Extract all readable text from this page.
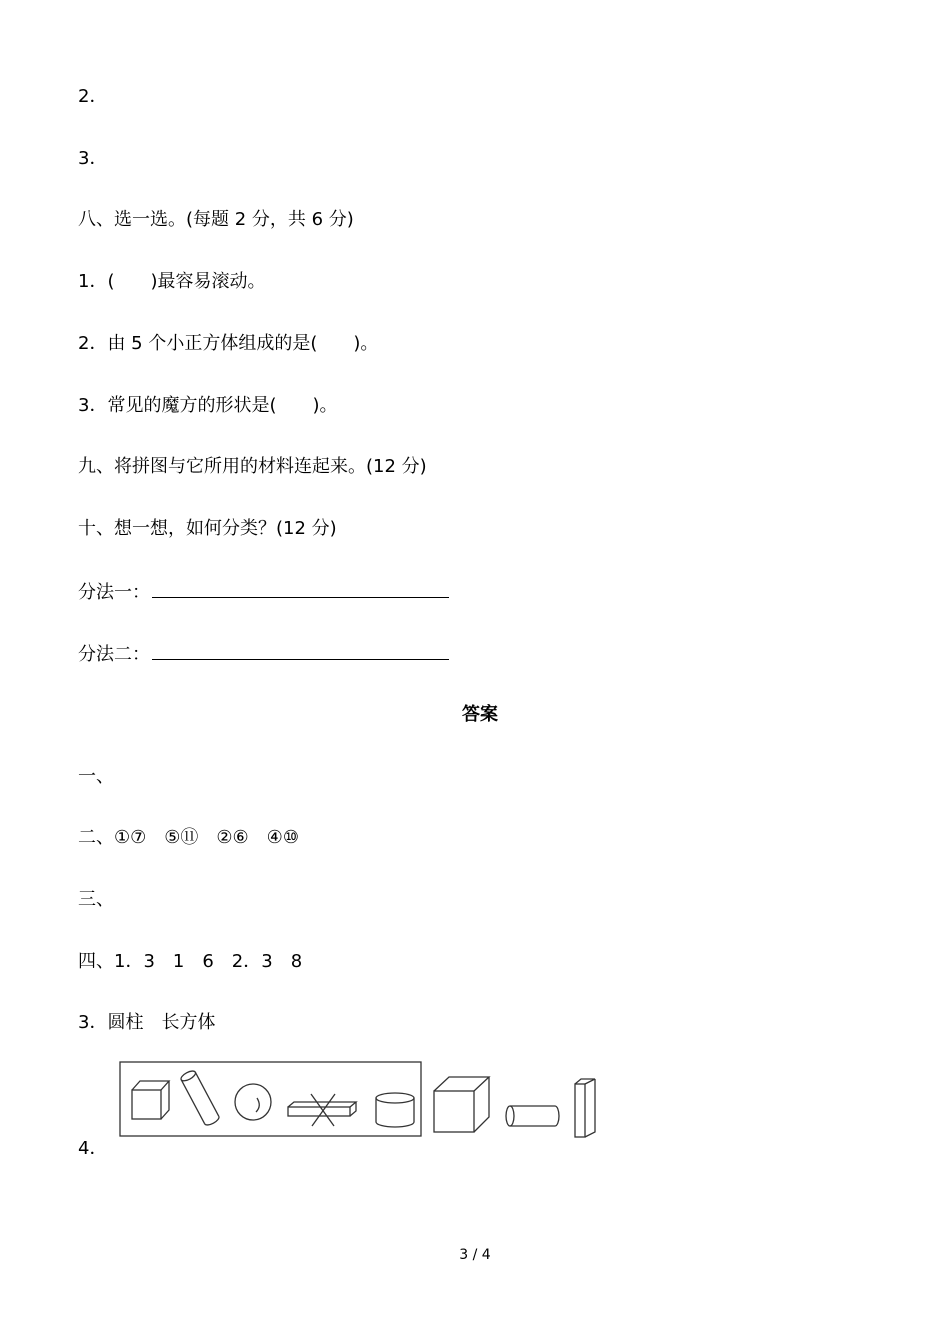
2．
3．
八、选一选。(每题 2 分，共 6 分)
1．(　　)最容易滚动。
2．由 5 个小正方体组成的是(　　)。
3．常见的魔方的形状是(　　)。
九、将拼图与它所用的材料连起来。(12 分)
十、想一想，如何分类？(12 分)
分法一：
分法二：
答案
一、
二、①⑦　⑤⑪　②⑥　④⑩
三、
四、1．3　1　6　2．3　8
3．圆柱　长方体
4．
3 / 4
